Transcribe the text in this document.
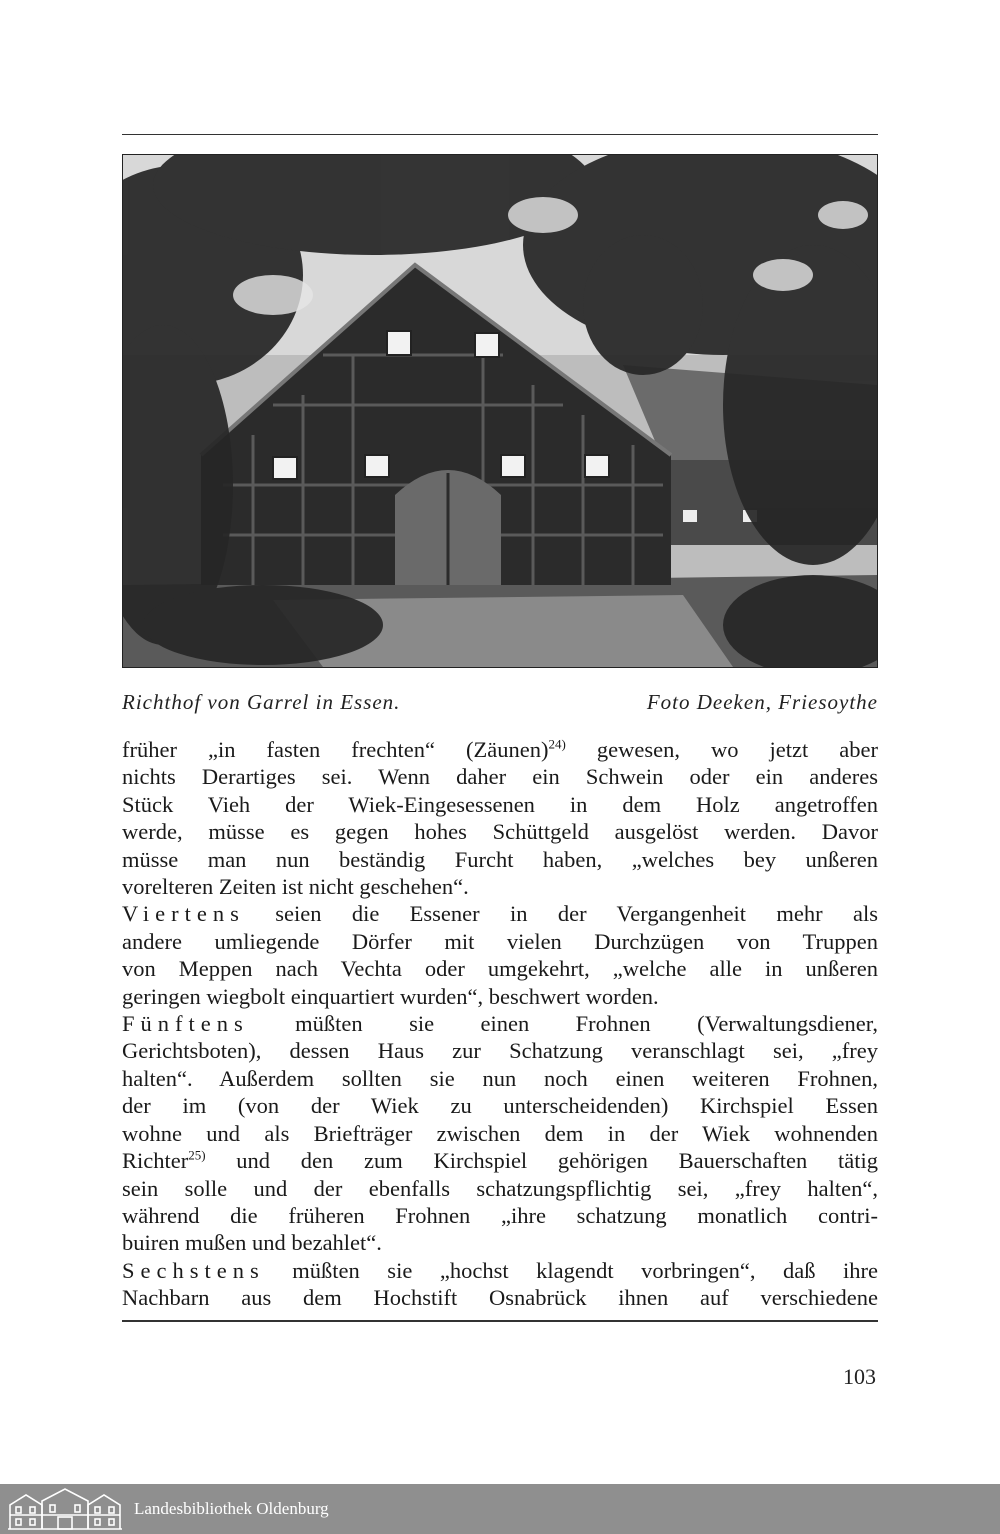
Richthof von Garrel in Essen.	Foto Deeken, Friesoythe
früher „in fasten frechten“ (Zäunen)$^{24)}$ gewesen, wo jetzt aber
nichts Derartiges sei. Wenn daher ein Schwein oder ein anderes
Stück Vieh der Wiek-Eingesessenen in dem Holz angetroffen
werde, müsse es gegen hohes Schüttgeld ausgelöst werden. Davor
müsse man nun beständig Furcht haben, „welches bey unßeren
vorelteren Zeiten ist nicht geschehen“.
Viertens seien die Essener in der Vergangenheit mehr als
andere umliegende Dörfer mit vielen Durchzügen von Truppen
von Meppen nach Vechta oder umgekehrt, „welche alle in unßeren
geringen wiegbolt einquartiert wurden“, beschwert worden.
Fünftens müßten sie einen Frohnen (Verwaltungsdiener,
Gerichtsboten), dessen Haus zur Schatzung veranschlagt sei, „frey
halten“. Außerdem sollten sie nun noch einen weiteren Frohnen,
der im (von der Wiek zu unterscheidenden) Kirchspiel Essen
wohne und als Briefträger zwischen dem in der Wiek wohnenden
Richter$^{25)}$ und den zum Kirchspiel gehörigen Bauerschaften tätig
sein solle und der ebenfalls schatzungspflichtig sei, „frey halten“,
während die früheren Frohnen „ihre schatzung monatlich contri-
buiren mußen und bezahlet“.
Sechstens müßten sie „hochst klagendt vorbringen“, daß ihre
Nachbarn aus dem Hochstift Osnabrück ihnen auf verschiedene
103
Landesbibliothek Oldenburg
